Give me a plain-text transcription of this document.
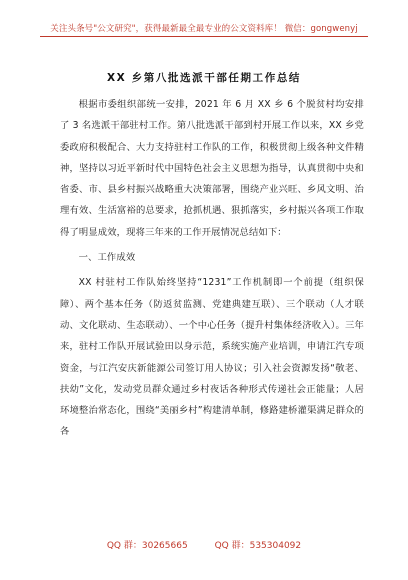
关注头条号"公文研究"，获得最新最全最专业的公文资料库！ 微信：gongwenyj
XX 乡第八批选派干部任期工作总结

根据市委组织部统一安排，2021 年 6 月 XX 乡 6 个脱贫村均安排了 3 名选派干部驻村工作。第八批选派干部到村开展工作以来，XX 乡党委政府积极配合、大力支持驻村工作队的工作，积极贯彻上级各种文件精神，坚持以习近平新时代中国特色社会主义思想为指导，认真贯彻中央和省委、市、县乡村振兴战略重大决策部署，围绕产业兴旺、乡风文明、治理有效、生活富裕的总要求，抢抓机遇、狠抓落实，乡村振兴各项工作取得了明显成效，现将三年来的工作开展情况总结如下：

一、工作成效

XX 村驻村工作队始终坚持“1231”工作机制即一个前提（组织保障）、两个基本任务（防返贫监测、党建典建互联）、三个联动（人才联动、文化联动、生态联动）、一个中心任务（提升村集体经济收入）。三年来，驻村工作队开展试验田以身示范，系统实施产业培训，申请江汽专项资金，与江汽安庆新能源公司签订用人协议；引入社会资源发扬“敬老、扶幼”文化，发动党员群众通过乡村夜话各种形式传递社会正能量；人居环境整治常态化，围绕“美丽乡村”构建清单制，修路建桥灌渠满足群众的各

QQ 群：30265665	QQ 群：535304092
